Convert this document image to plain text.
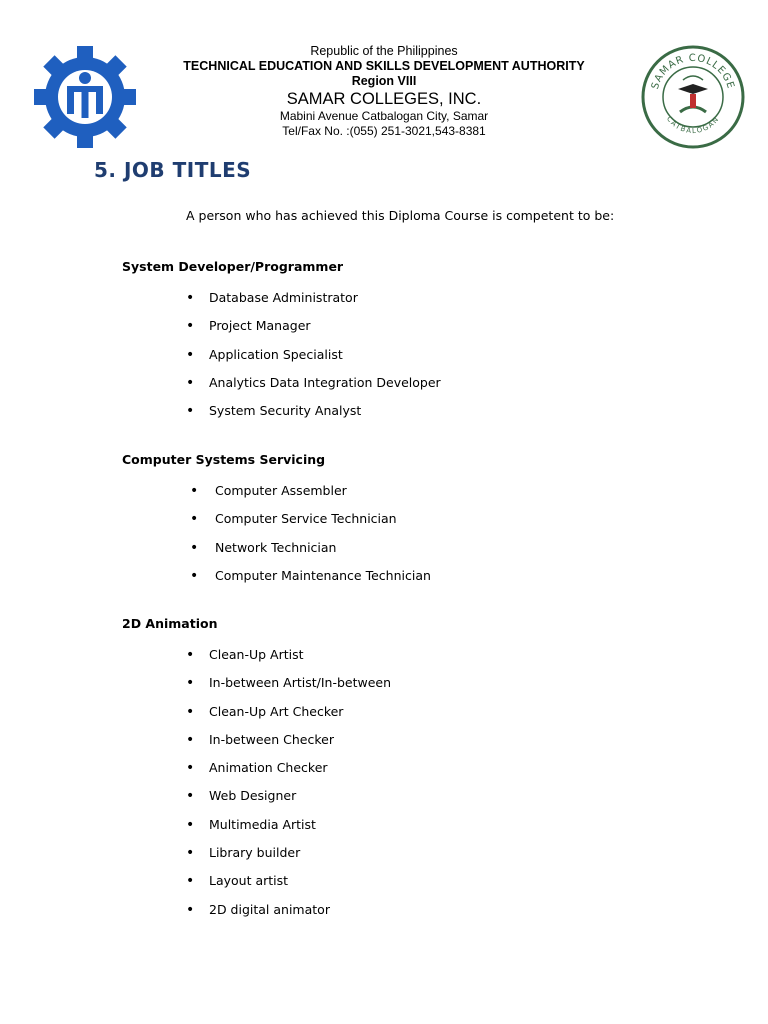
Republic of the Philippines
TECHNICAL EDUCATION AND SKILLS DEVELOPMENT AUTHORITY
Region VIII
SAMAR COLLEGES, INC.
Mabini Avenue Catbalogan City, Samar
Tel/Fax No. :(055) 251-3021,543-8381
SAMAR COLLEGE
CATBALOGAN
5. JOB TITLES
A person who has achieved this Diploma Course is competent to be:
System Developer/Programmer
• Database Administrator
• Project Manager
• Application Specialist
• Analytics Data Integration Developer
• System Security Analyst
Computer Systems Servicing
• Computer Assembler
• Computer Service Technician
• Network Technician
• Computer Maintenance Technician
2D Animation
• Clean-Up Artist
• In-between Artist/In-between
• Clean-Up Art Checker
• In-between Checker
• Animation Checker
• Web Designer
• Multimedia Artist
• Library builder
• Layout artist
• 2D digital animator
